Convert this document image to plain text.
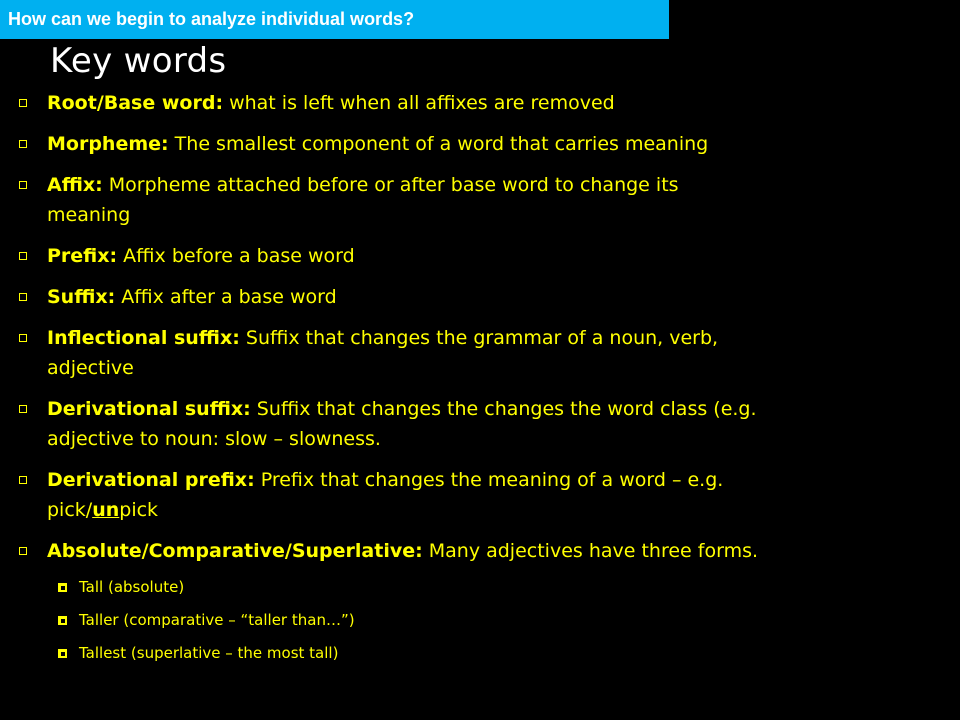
How can we begin to analyze individual words?
Key words
Root/Base word: what is left when all affixes are removed
Morpheme: The smallest component of a word that carries meaning
Affix: Morpheme attached before or after base word to change its
meaning
Prefix: Affix before a base word
Suffix: Affix after a base word
Inflectional suffix: Suffix that changes the grammar of a noun, verb,
adjective
Derivational suffix: Suffix that changes the changes the word class (e.g.
adjective to noun: slow – slowness.
Derivational prefix: Prefix that changes the meaning of a word – e.g.
pick/unpick
Absolute/Comparative/Superlative: Many adjectives have three forms.
Tall (absolute)
Taller (comparative – “taller than…”)
Tallest (superlative – the most tall)
